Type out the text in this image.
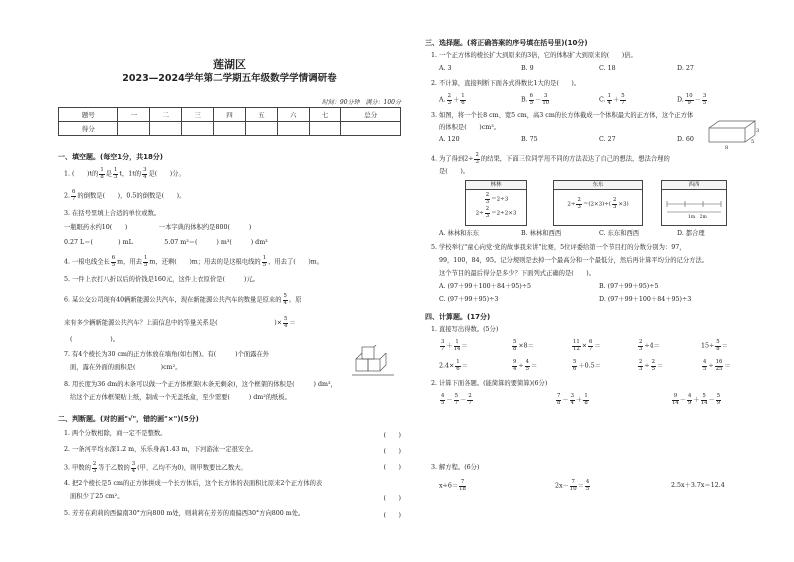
莲湖区
2023—2024学年第二学期五年级数学学情调研卷
时间：90分钟　满分：100分
题号	一	二	三	四	五	六	七	总分
得分								
一、填空题。(每空1分，共18分)
1. (　　)t的 $\frac{1}{8}$ 是 $\frac{1}{3}$ t，1t的 $\frac{3}{4}$ 是(　　)分。
2. $\frac{6}{7}$ 的倒数是(　　)，0.5的倒数是(　　)。
3. 在括号里填上合适的单位或数。
一瓶眼药水约10(　　)　　　　　一本字典的体积约是800(　　　)
0.27 L＝(　　　　) mL　　　　　5.07 m³＝(　　　) m³(　　　) dm³
4. 一根电线全长 $\frac{6}{5}$ m，用去 $\frac{1}{5}$ m，还剩(　　)m；用去的是这根电线的 $\frac{1}{5}$ ，用去了(　　)m。
5. 一件上衣打八折以后的价钱是160元，这件上衣原价是(　　　)元。
6. 某公交公司现有40辆新能源公共汽车，现在新能源公共汽车的数量是原来的 $\frac{5}{4}$ 。原
来有多少辆新能源公共汽车？上面信息中的等量关系是(　　　　　　　　　)× $\frac{5}{4}$ ＝
(　　　　　　)。
7. 有4个棱长为30 cm的正方体放在墙角(如右图)。有(　　　)个面露在外
面，露在外面的面积是(　　　　)cm²。
8. 用长度为36 dm的木条可以做一个正方体框架(木条无剩余)，这个框架的体积是(　　　) dm³，
给这个正方体框架贴上纸，制成一个无盖纸盒，至少需要(　　　) dm²的纸板。
二、判断题。(对的画"√"，错的画"×")(5分)
1. 两个分数相除，商一定不是整数。	(　　)
2. 一条河平均水深1.2 m，乐乐身高1.43 m，下河游泳一定很安全。	(　　)
3. 甲数的 $\frac{2}{3}$ 等于乙数的 $\frac{3}{4}$ (甲、乙均不为0)，则甲数要比乙数大。	(　　)
4. 把2个棱长是5 cm的正方体拼成一个长方体后，这个长方体的表面积比原来2个正方体的表
面积少了25 cm²。	(　　)
5. 芳芳在莉莉的西偏南30°方向800 m处，则莉莉在芳芳的南偏西30°方向800 m处。	(　　)
三、选择题。(将正确答案的序号填在括号里)(10分)
1. 一个正方体的棱长扩大到原来的3倍，它的体积扩大到原来的(　　)倍。
A. 3	B. 9	C. 18	D. 27
2. 不计算，直接判断下面各式得数比1大的是(　　)。
A. $\frac{2}{3} + \frac{1}{6}$	B. $\frac{6}{5} - \frac{3}{10}$	C. $\frac{1}{4} + \frac{5}{7}$	D. $\frac{10}{9} - \frac{3}{5}$
3. 如图，将一个长8 cm、宽5 cm，高3 cm的长方体截成一个体积最大的正方体，这个正方体
的体积是(　　)cm³。
A. 120	B. 75	C. 27	D. 60
3
5
8
4. 为了得到$2\div \frac{2}{3}$ 的结果，下面三位同学用不同的方法表达了自己的想法，想法合理的
是(　　)。
林林
$\frac{2}{3} =2\div 3$
$2\div \frac{2}{3} =2\div 2\times 3$
东东
$2\div \frac{2}{3} =(2\times 3)\div( \frac{2}{3} \times 3)$
西西
1m　2m
A. 林林和东东	B. 林林和西西	C. 东东和西西	D. 都合理
5. 学校举行"童心向党·党的故事我来讲"比赛，5位评委给第一个节目打的分数分别为：97，
99，100，84，95。记分规则是去掉一个最高分和一个最低分，然后再计算平均分的记分方法。
这个节目的最后得分是多少？下面列式正确的是(　　)。
A. (97＋99＋100＋84＋95)÷5	B. (97＋99＋95)÷5
C. (97＋99＋95)÷3	D. (97＋99＋100＋84＋95)÷3
四、计算题。(17分)
1. 直接写出得数。(5分)
$\frac{3}{7} + \frac{1}{14}$ ＝	$\frac{5}{8} \times 8=$	$\frac{11}{12} \times \frac{6}{7}$ ＝	$\frac{2}{3} \div 4=$	$15\div \frac{5}{8}$ ＝
$2.4\times \frac{1}{6}$ ＝	$\frac{9}{4} \div \frac{4}{5}$ ＝	$\frac{5}{6} +0.5=$	$\frac{2}{3} \div \frac{2}{5}$ ＝	$\frac{4}{5} \div \frac{16}{25}$ ＝
2. 计算下面各题。(能简算的要简算)(6分)
$\frac{4}{5} - \frac{5}{7} - \frac{2}{7}$	$\frac{7}{8} - \frac{3}{4} + \frac{1}{8}$	$\frac{9}{14} - \frac{4}{9} + \frac{5}{14} - \frac{5}{9}$
3. 解方程。(6分)
$x\div 6= \frac{7}{18}$	$2x- \frac{7}{10} = \frac{4}{5}$	2.5x＋3.7x＝12.4
